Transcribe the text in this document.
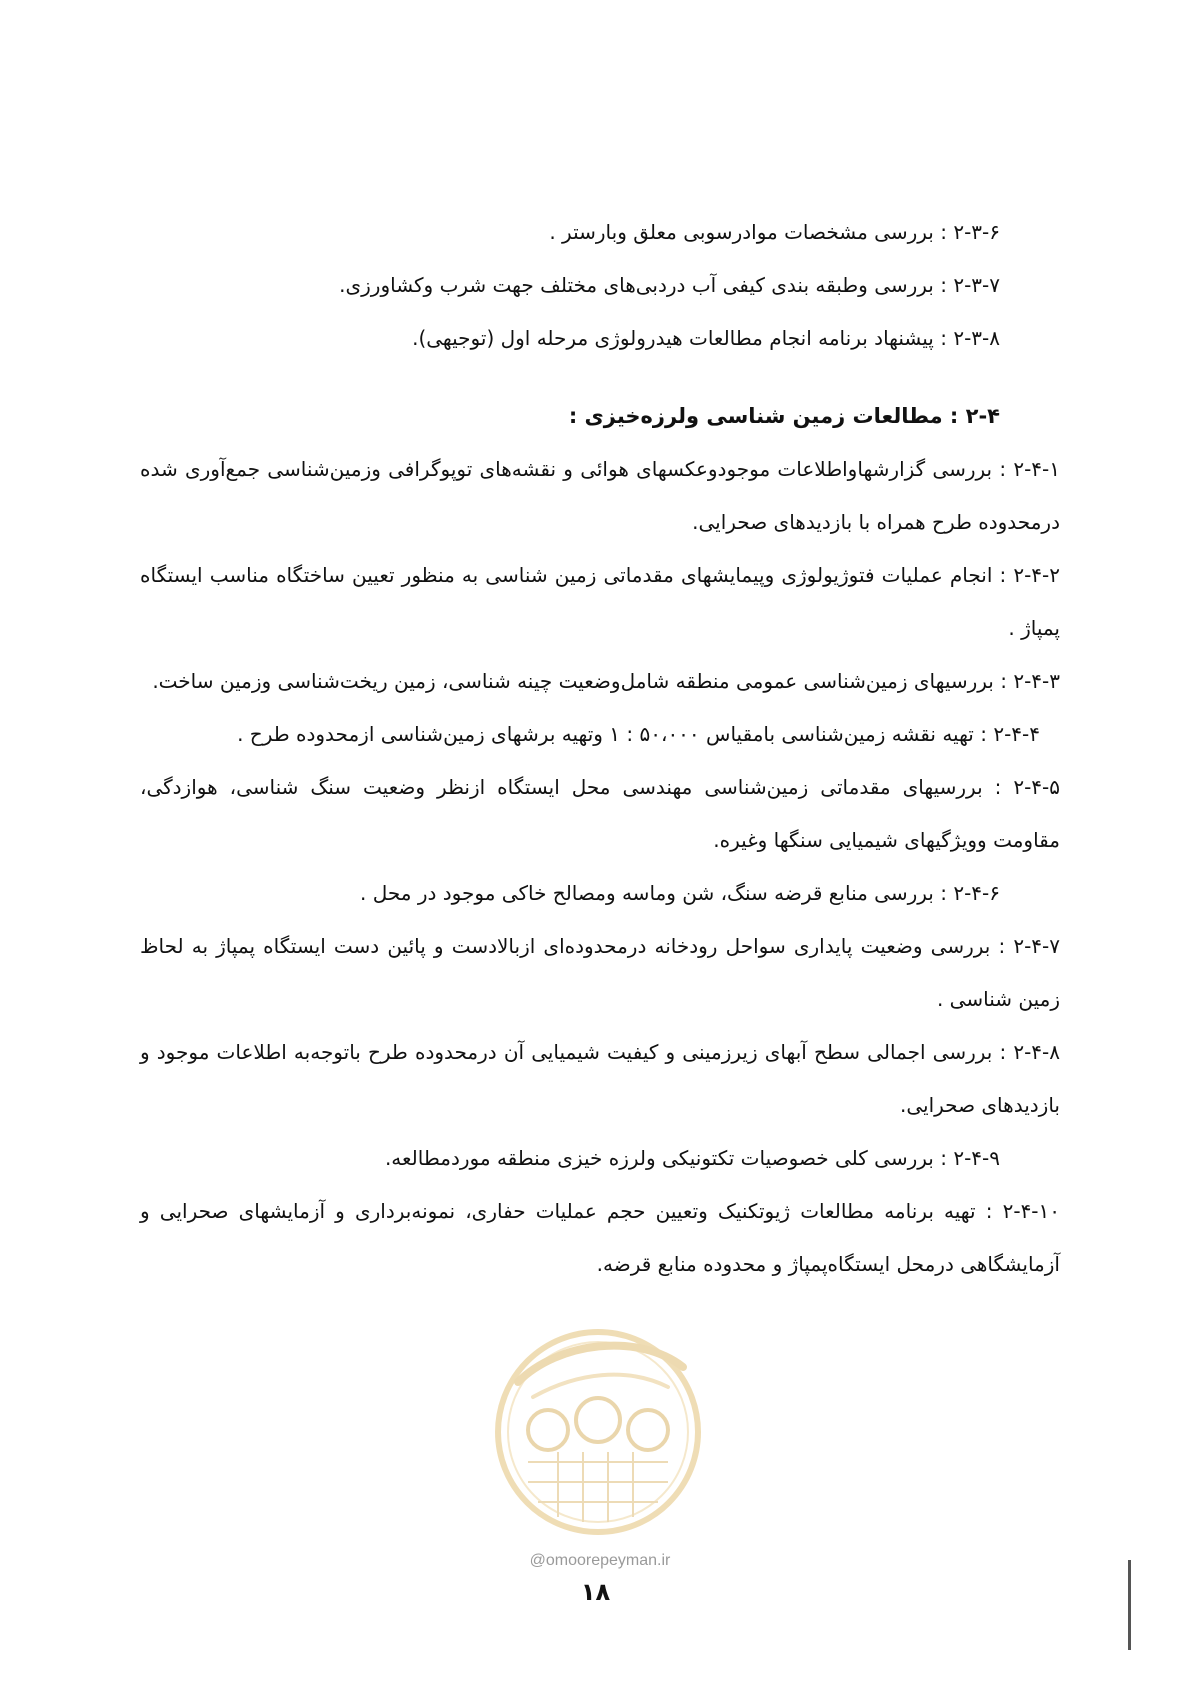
۲-۳-۶ : بررسی مشخصات موادرسوبی معلق وبارستر .

۲-۳-۷ : بررسی وطبقه بندی کیفی آب دردبی‌های مختلف جهت شرب وکشاورزی.

۲-۳-۸ : پیشنهاد برنامه انجام مطالعات هیدرولوژی مرحله اول (توجیهی).

۲-۴ : مطالعات زمین شناسی ولرزه‌خیزی :

۲-۴-۱ : بررسی گزارشهاواطلاعات موجودوعکسهای هوائی و نقشه‌های توپوگرافی وزمین‌شناسی جمع‌آوری شده درمحدوده طرح همراه با بازدیدهای صحرایی.

۲-۴-۲ : انجام عملیات فتوژیولوژی وپیمایشهای مقدماتی زمین شناسی به منظور تعیین ساختگاه مناسب ایستگاه پمپاژ .

۲-۴-۳ : بررسیهای زمین‌شناسی عمومی منطقه شامل‌وضعیت چینه شناسی، زمین ریخت‌شناسی وزمین ساخت.

۲-۴-۴ : تهیه نقشه زمین‌شناسی بامقیاس ۵۰،۰۰۰ : ۱ وتهیه برشهای زمین‌شناسی ازمحدوده طرح .

۲-۴-۵ : بررسیهای مقدماتی زمین‌شناسی مهندسی محل ایستگاه ازنظر وضعیت سنگ شناسی، هوازدگی، مقاومت وویژگیهای شیمیایی سنگها وغیره.

۲-۴-۶ : بررسی منابع قرضه سنگ، شن وماسه ومصالح خاکی موجود در محل .

۲-۴-۷ : بررسی وضعیت پایداری سواحل رودخانه درمحدوده‌ای ازبالادست و پائین دست ایستگاه پمپاژ به لحاظ زمین شناسی .

۲-۴-۸ : بررسی اجمالی سطح آبهای زیرزمینی و کیفیت شیمیایی آن درمحدوده طرح باتوجه‌به اطلاعات موجود و بازدیدهای صحرایی.

۲-۴-۹ : بررسی کلی خصوصیات تکتونیکی ولرزه خیزی منطقه موردمطالعه.

۲-۴-۱۰ : تهیه برنامه مطالعات ژیوتکنیک وتعیین حجم عملیات حفاری، نمونه‌برداری و آزمایشهای صحرایی و آزمایشگاهی درمحل ایستگاه‌پمپاژ و محدوده منابع قرضه.

@omoorepeyman.ir
۱۸
